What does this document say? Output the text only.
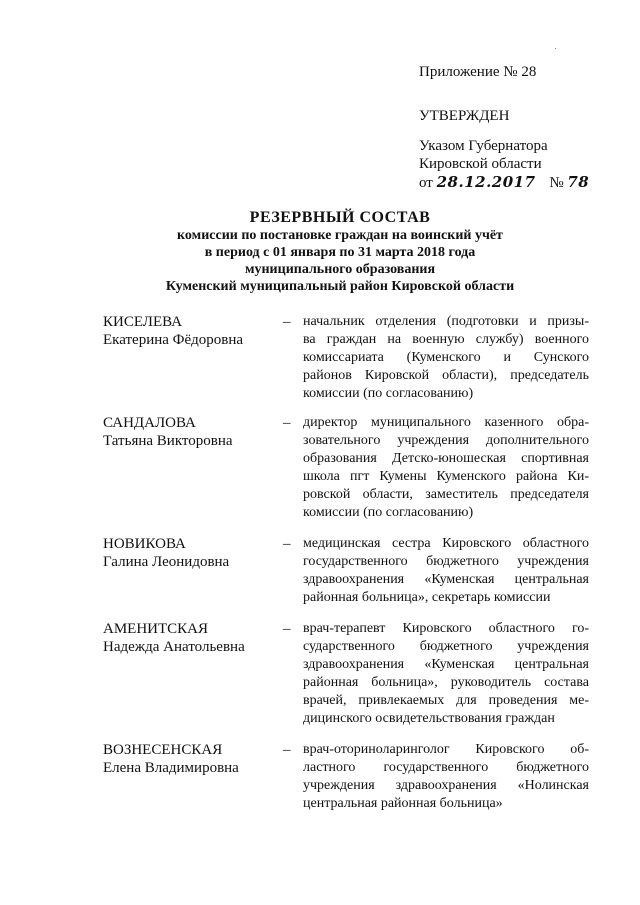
Приложение № 28
УТВЕРЖДЕН
Указом Губернатора
Кировской области
от 28.12.2017 № 78
РЕЗЕРВНЫЙ СОСТАВ
комиссии по постановке граждан на воинский учёт
в период с 01 января по 31 марта 2018 года
муниципального образования
Куменский муниципальный район Кировской области
КИСЕЛЕВА
Екатерина Фёдоровна
– начальник отделения (подготовки и призы-
ва граждан на военную службу) военного
комиссариата (Куменского и Сунского
районов Кировской области), председатель
комиссии (по согласованию)
САНДАЛОВА
Татьяна Викторовна
– директор муниципального казенного обра-
зовательного учреждения дополнительного
образования Детско-юношеская спортивная
школа пгт Кумены Куменского района Ки-
ровской области, заместитель председателя
комиссии (по согласованию)
НОВИКОВА
Галина Леонидовна
– медицинская сестра Кировского областного
государственного бюджетного учреждения
здравоохранения «Куменская центральная
районная больница», секретарь комиссии
АМЕНИТСКАЯ
Надежда Анатольевна
– врач-терапевт Кировского областного го-
сударственного бюджетного учреждения
здравоохранения «Куменская центральная
районная больница», руководитель состава
врачей, привлекаемых для проведения ме-
дицинского освидетельствования граждан
ВОЗНЕСЕНСКАЯ
Елена Владимировна
– врач-оториноларинголог Кировского об-
ластного государственного бюджетного
учреждения здравоохранения «Нолинская
центральная районная больница»
